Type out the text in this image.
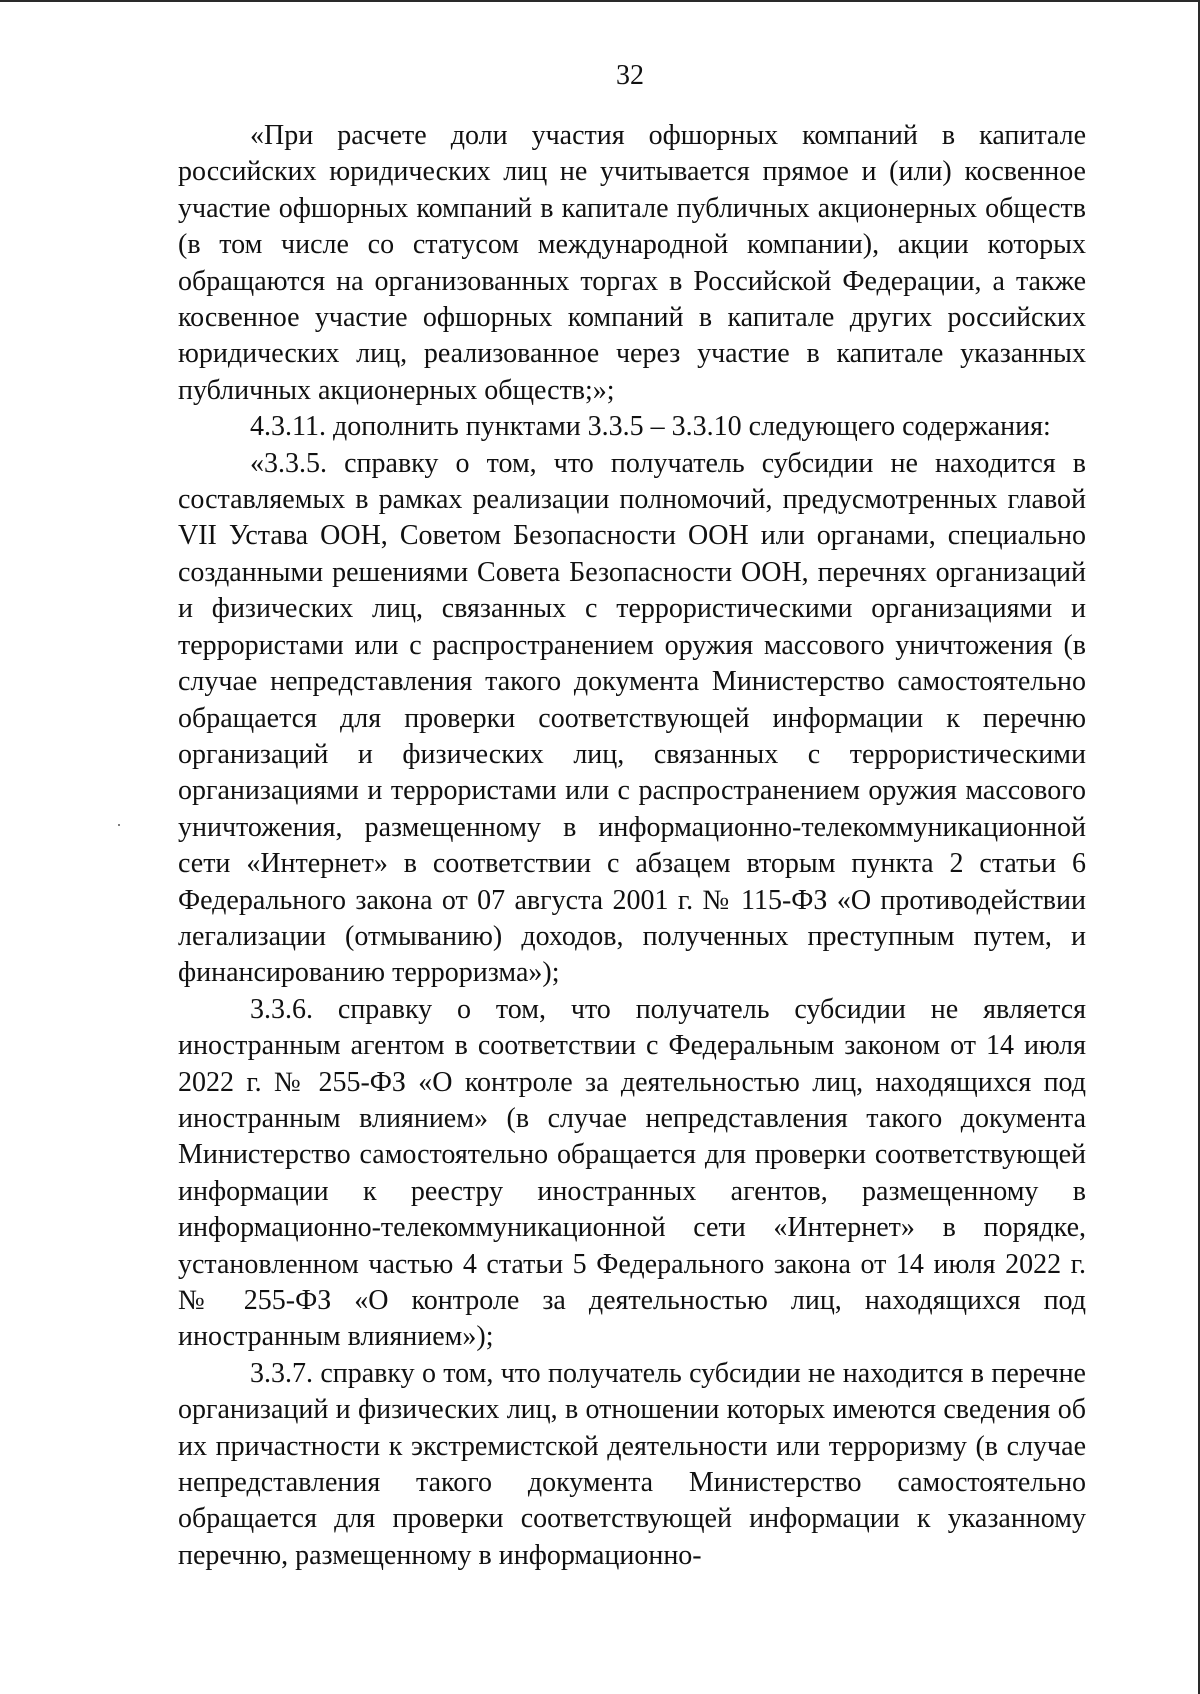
32

«При расчете доли участия офшорных компаний в капитале российских юридических лиц не учитывается прямое и (или) косвенное участие офшорных компаний в капитале публичных акционерных обществ (в том числе со статусом международной компании), акции которых обращаются на организованных торгах в Российской Федерации, а также косвенное участие офшорных компаний в капитале других российских юридических лиц, реализованное через участие в капитале указанных публичных акционерных обществ;»;

4.3.11. дополнить пунктами 3.3.5 – 3.3.10 следующего содержания:

«3.3.5. справку о том, что получатель субсидии не находится в составляемых в рамках реализации полномочий, предусмотренных главой VII Устава ООН, Советом Безопасности ООН или органами, специально созданными решениями Совета Безопасности ООН, перечнях организаций и физических лиц, связанных с террористическими организациями и террористами или с распространением оружия массового уничтожения (в случае непредставления такого документа Министерство самостоятельно обращается для проверки соответствующей информации к перечню организаций и физических лиц, связанных с террористическими организациями и террористами или с распространением оружия массового уничтожения, размещенному в информационно-телекоммуникационной сети «Интернет» в соответствии с абзацем вторым пункта 2 статьи 6 Федерального закона от 07 августа 2001 г. № 115-ФЗ «О противодействии легализации (отмыванию) доходов, полученных преступным путем, и финансированию терроризма»);

3.3.6. справку о том, что получатель субсидии не является иностранным агентом в соответствии с Федеральным законом от 14 июля 2022 г. № 255-ФЗ «О контроле за деятельностью лиц, находящихся под иностранным влиянием» (в случае непредставления такого документа Министерство самостоятельно обращается для проверки соответствующей информации к реестру иностранных агентов, размещенному в информационно-телекоммуникационной сети «Интернет» в порядке, установленном частью 4 статьи 5 Федерального закона от 14 июля 2022 г. № 255-ФЗ «О контроле за деятельностью лиц, находящихся под иностранным влиянием»);

3.3.7. справку о том, что получатель субсидии не находится в перечне организаций и физических лиц, в отношении которых имеются сведения об их причастности к экстремистской деятельности или терроризму (в случае непредставления такого документа Министерство самостоятельно обращается для проверки соответствующей информации к указанному перечню, размещенному в информационно-
